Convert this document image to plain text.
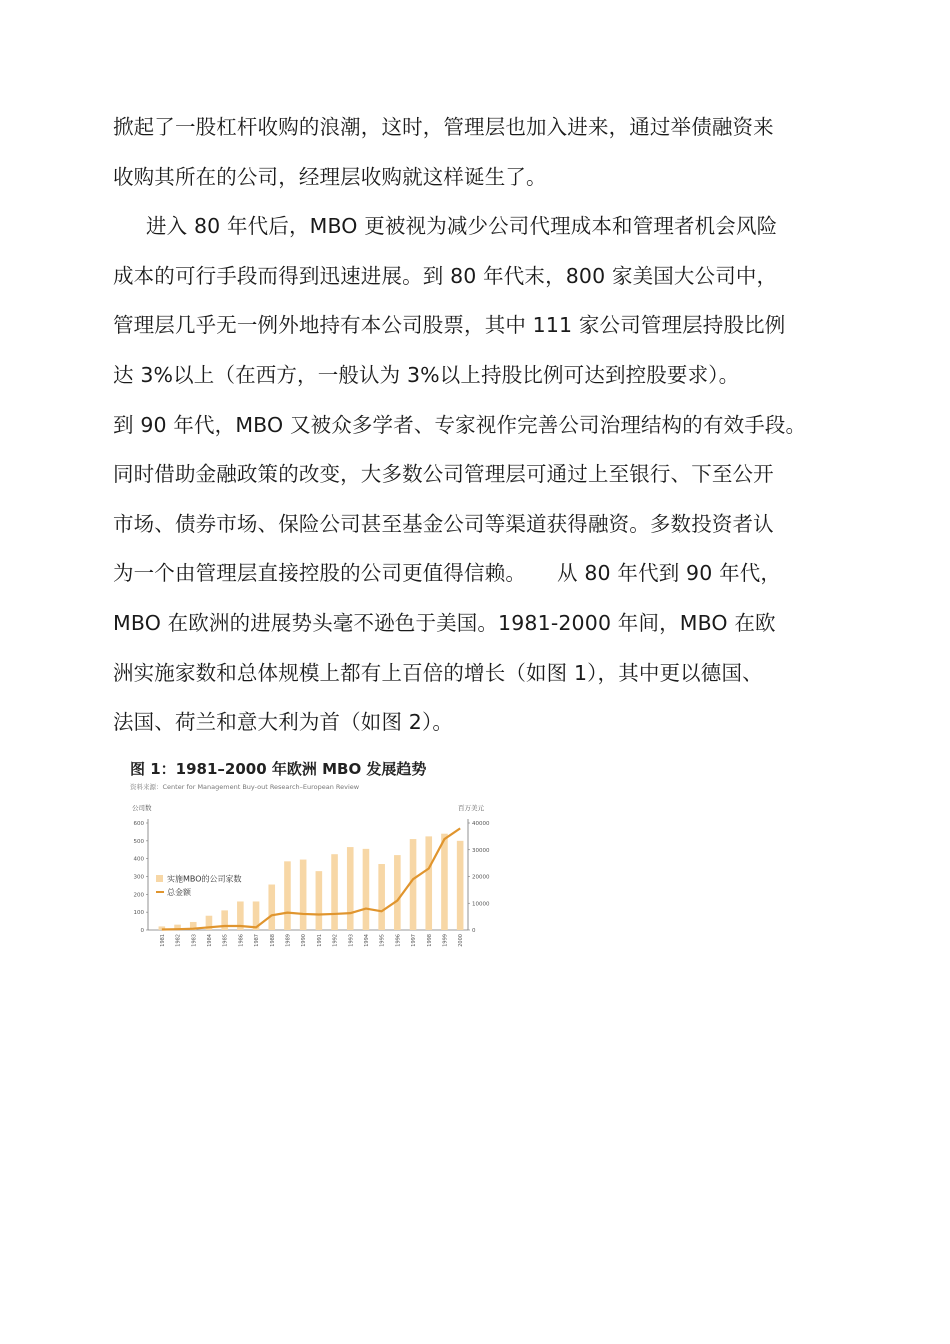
掀起了一股杠杆收购的浪潮，这时，管理层也加入进来，通过举债融资来
收购其所在的公司，经理层收购就这样诞生了。
进入 80 年代后，MBO 更被视为减少公司代理成本和管理者机会风险
成本的可行手段而得到迅速进展。到 80 年代末，800 家美国大公司中，
管理层几乎无一例外地持有本公司股票，其中 111 家公司管理层持股比例
达 3%以上（在西方，一般认为 3%以上持股比例可达到控股要求）。
到 90 年代，MBO 又被众多学者、专家视作完善公司治理结构的有效手段。
同时借助金融政策的改变，大多数公司管理层可通过上至银行、下至公开
市场、债券市场、保险公司甚至基金公司等渠道获得融资。多数投资者认
为一个由管理层直接控股的公司更值得信赖。　　从 80 年代到 90 年代，
MBO 在欧洲的进展势头毫不逊色于美国。1981-2000 年间，MBO 在欧
洲实施家数和总体规模上都有上百倍的增长（如图 1），其中更以德国、
法国、荷兰和意大利为首（如图 2）。
图 1：1981–2000 年欧洲 MBO 发展趋势
资料来源：Center for Management Buy-out Research–European Review
公司数	百万美元
600
500
400
300
200
100
0
40000
30000
20000
10000
0
1981 1982 1983 1984 1985 1986 1987 1988 1989 1990 1991 1992 1993 1994 1995 1996 1997 1998 1999 2000
实施MBO的公司家数
总金额
